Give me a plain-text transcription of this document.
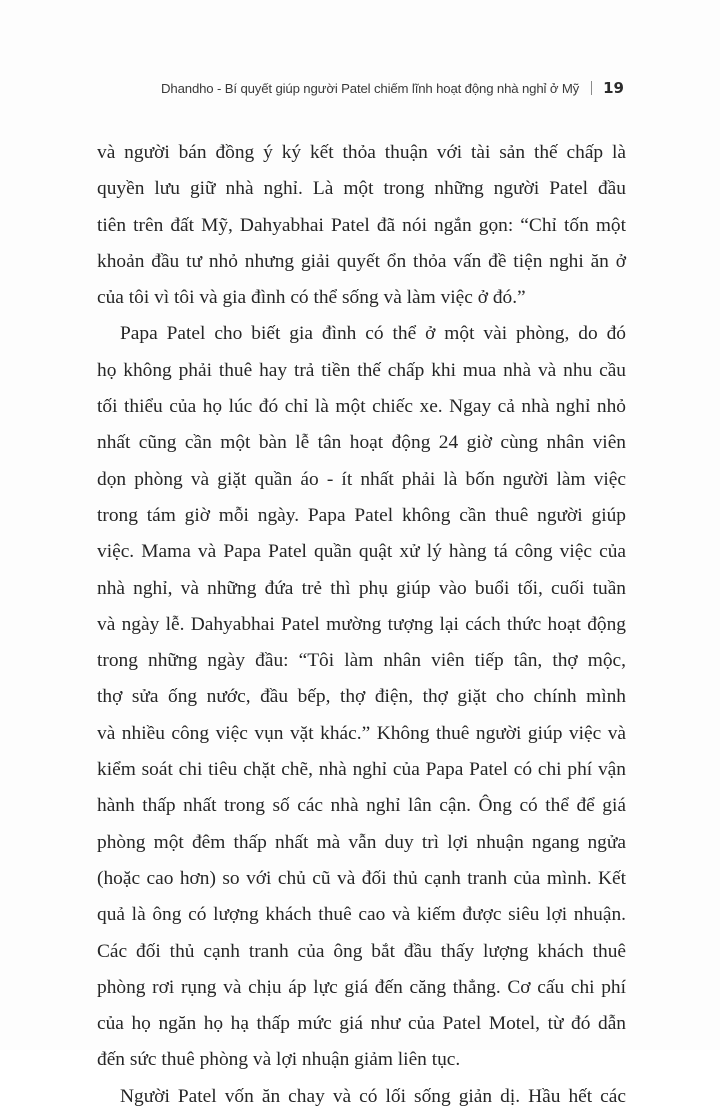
Dhandho - Bí quyết giúp người Patel chiếm lĩnh hoạt động nhà nghỉ ở Mỹ 19
và người bán đồng ý ký kết thỏa thuận với tài sản thế chấp là
quyền lưu giữ nhà nghỉ. Là một trong những người Patel đầu
tiên trên đất Mỹ, Dahyabhai Patel đã nói ngắn gọn: “Chỉ tốn một
khoản đầu tư nhỏ nhưng giải quyết ổn thỏa vấn đề tiện nghi ăn ở
của tôi vì tôi và gia đình có thể sống và làm việc ở đó.”
Papa Patel cho biết gia đình có thể ở một vài phòng, do đó
họ không phải thuê hay trả tiền thế chấp khi mua nhà và nhu cầu
tối thiểu của họ lúc đó chỉ là một chiếc xe. Ngay cả nhà nghỉ nhỏ
nhất cũng cần một bàn lễ tân hoạt động 24 giờ cùng nhân viên
dọn phòng và giặt quần áo - ít nhất phải là bốn người làm việc
trong tám giờ mỗi ngày. Papa Patel không cần thuê người giúp
việc. Mama và Papa Patel quần quật xử lý hàng tá công việc của
nhà nghỉ, và những đứa trẻ thì phụ giúp vào buổi tối, cuối tuần
và ngày lễ. Dahyabhai Patel mường tượng lại cách thức hoạt động
trong những ngày đầu: “Tôi làm nhân viên tiếp tân, thợ mộc,
thợ sửa ống nước, đầu bếp, thợ điện, thợ giặt cho chính mình
và nhiều công việc vụn vặt khác.” Không thuê người giúp việc và
kiểm soát chi tiêu chặt chẽ, nhà nghỉ của Papa Patel có chi phí vận
hành thấp nhất trong số các nhà nghỉ lân cận. Ông có thể để giá
phòng một đêm thấp nhất mà vẫn duy trì lợi nhuận ngang ngửa
(hoặc cao hơn) so với chủ cũ và đối thủ cạnh tranh của mình. Kết
quả là ông có lượng khách thuê cao và kiếm được siêu lợi nhuận.
Các đối thủ cạnh tranh của ông bắt đầu thấy lượng khách thuê
phòng rơi rụng và chịu áp lực giá đến căng thẳng. Cơ cấu chi phí
của họ ngăn họ hạ thấp mức giá như của Patel Motel, từ đó dẫn
đến sức thuê phòng và lợi nhuận giảm liên tục.
Người Patel vốn ăn chay và có lối sống giản dị. Hầu hết các
